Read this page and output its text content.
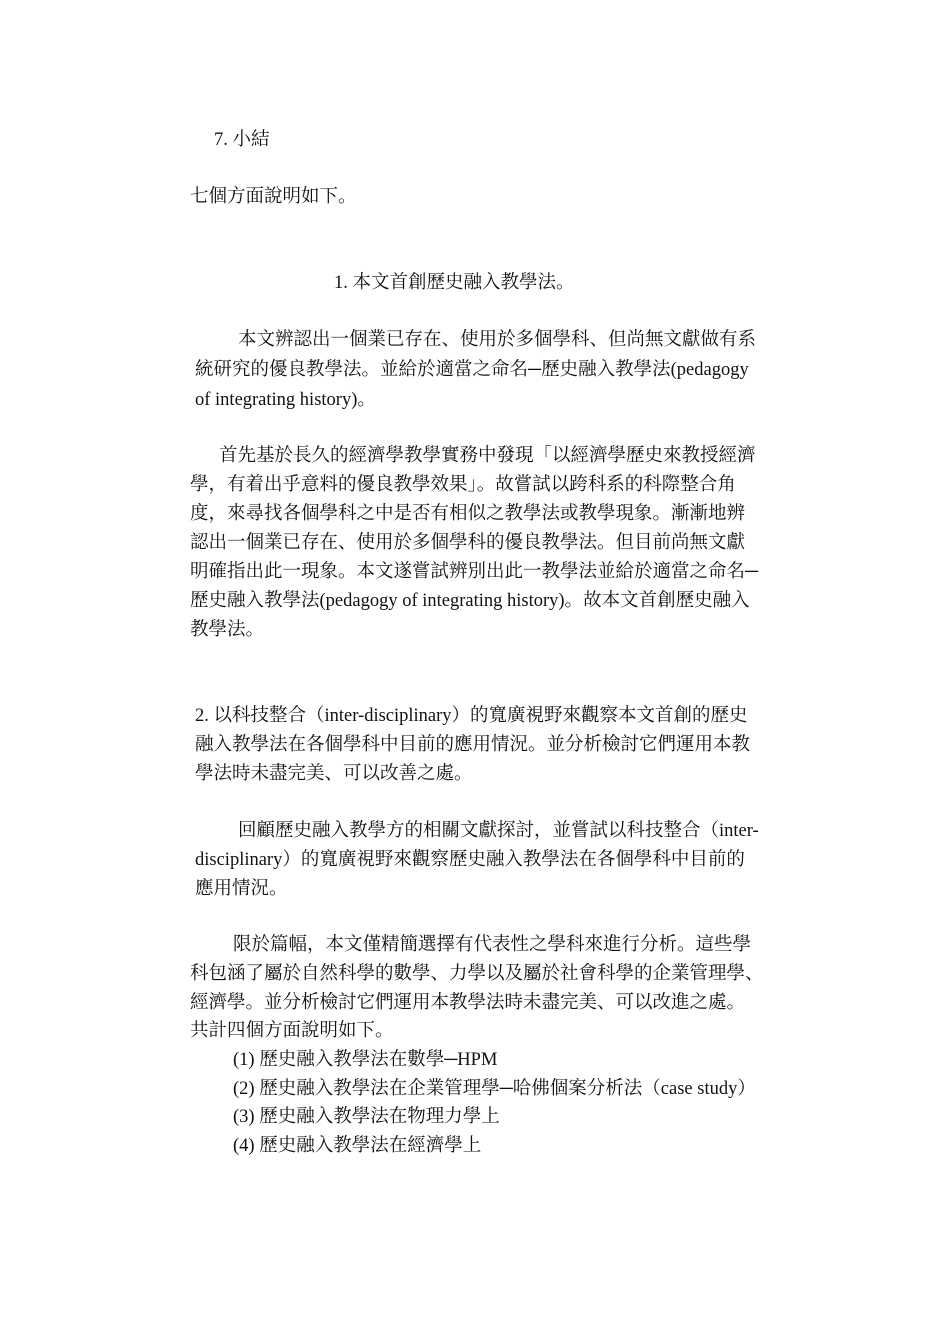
7. 小結

七個方面說明如下。

1. 本文首創歷史融入教學法。

本文辨認出一個業已存在、使用於多個學科、但尚無文獻做有系

統研究的優良教學法。並給於適當之命名─歷史融入教學法(pedagogy

of integrating history)。

首先基於長久的經濟學教學實務中發現「以經濟學歷史來教授經濟

學，有着出乎意料的優良教學效果」。故嘗試以跨科系的科際整合角

度，來尋找各個學科之中是否有相似之教學法或教學現象。漸漸地辨

認出一個業已存在、使用於多個學科的優良教學法。但目前尚無文獻

明確指出此一現象。本文遂嘗試辨別出此一教學法並給於適當之命名─

歷史融入教學法(pedagogy of integrating history)。故本文首創歷史融入

教學法。

2. 以科技整合（inter-disciplinary）的寬廣視野來觀察本文首創的歷史

融入教學法在各個學科中目前的應用情況。並分析檢討它們運用本教

學法時未盡完美、可以改善之處。

回顧歷史融入教學方的相關文獻探討，並嘗試以科技整合（inter-

disciplinary）的寬廣視野來觀察歷史融入教學法在各個學科中目前的

應用情況。

限於篇幅，本文僅精簡選擇有代表性之學科來進行分析。這些學

科包涵了屬於自然科學的數學、力學以及屬於社會科學的企業管理學、

經濟學。並分析檢討它們運用本教學法時未盡完美、可以改進之處。

共計四個方面說明如下。

(1) 歷史融入教學法在數學─HPM

(2) 歷史融入教學法在企業管理學─哈佛個案分析法（case study）

(3) 歷史融入教學法在物理力學上

(4) 歷史融入教學法在經濟學上
